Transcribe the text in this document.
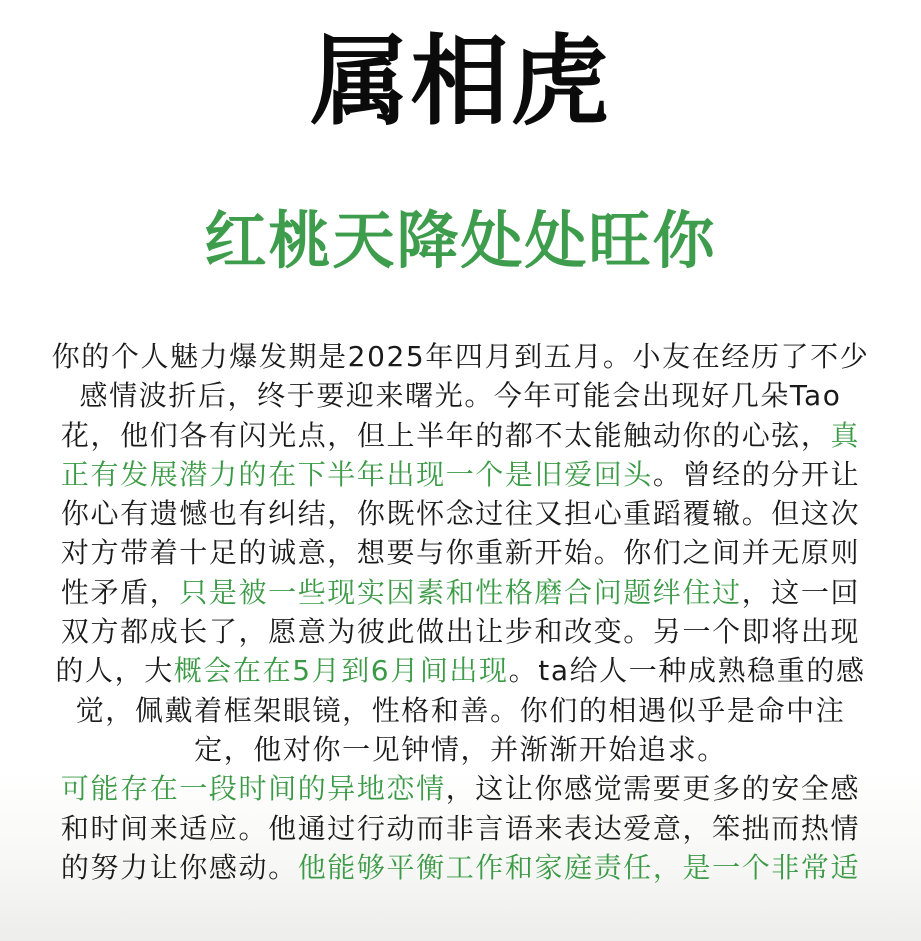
属相虎
红桃天降处处旺你
你的个人魅力爆发期是2025年四月到五月。小友在经历了不少
感情波折后，终于要迎来曙光。今年可能会出现好几朵Tao
花，他们各有闪光点，但上半年的都不太能触动你的心弦，真
正有发展潜力的在下半年出现一个是旧爱回头。曾经的分开让
你心有遗憾也有纠结，你既怀念过往又担心重蹈覆辙。但这次
对方带着十足的诚意，想要与你重新开始。你们之间并无原则
性矛盾，只是被一些现实因素和性格磨合问题绊住过，这一回
双方都成长了，愿意为彼此做出让步和改变。另一个即将出现
的人，大概会在在5月到6月间出现。ta给人一种成熟稳重的感
觉，佩戴着框架眼镜，性格和善。你们的相遇似乎是命中注
定，他对你一见钟情，并渐渐开始追求。
可能存在一段时间的异地恋情，这让你感觉需要更多的安全感
和时间来适应。他通过行动而非言语来表达爱意，笨拙而热情
的努力让你感动。他能够平衡工作和家庭责任，是一个非常适
